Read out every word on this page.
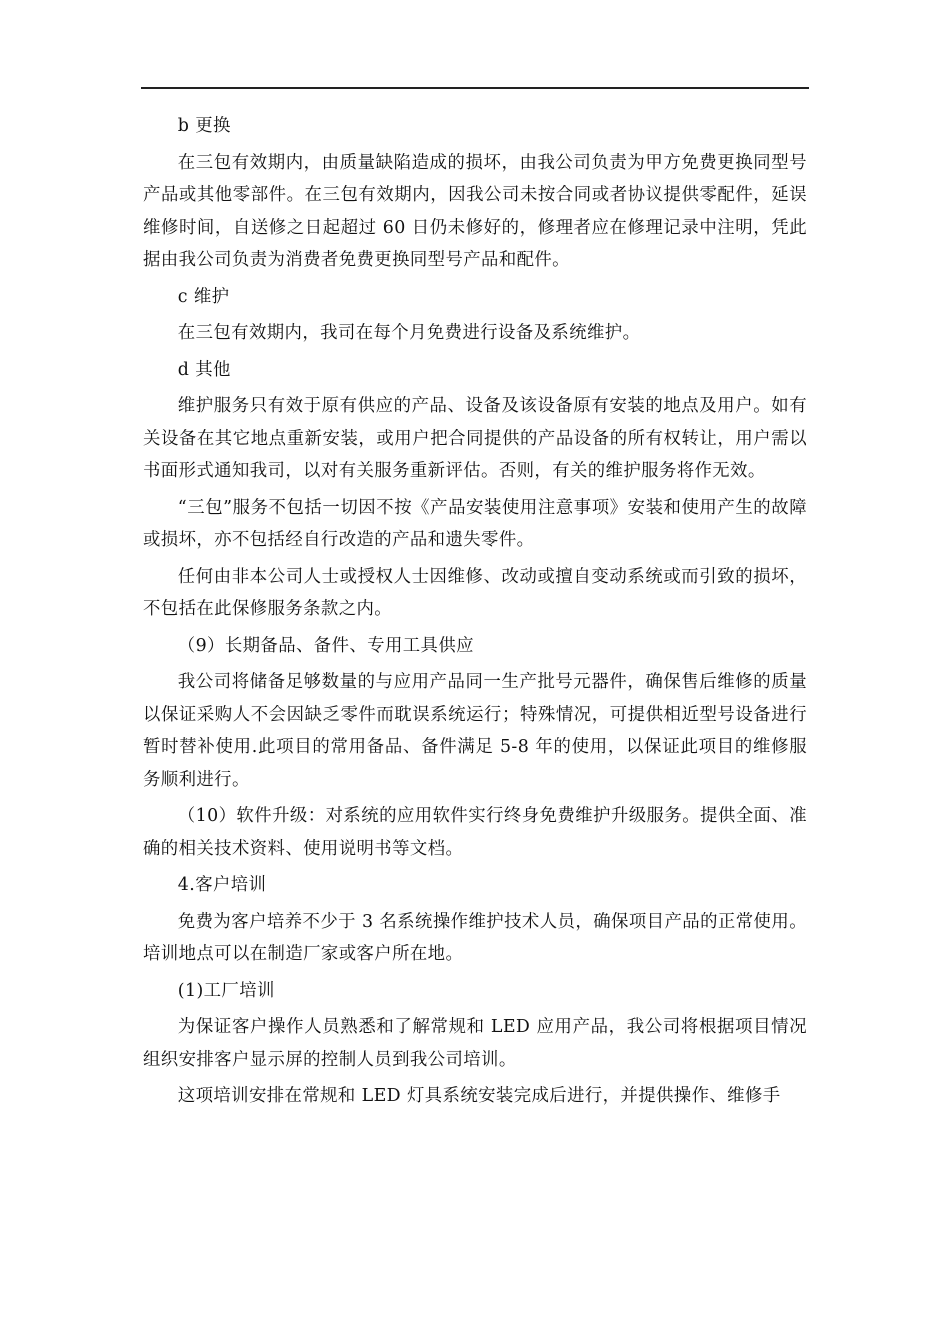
b 更换

在三包有效期内，由质量缺陷造成的损坏，由我公司负责为甲方免费更换同型号产品或其他零部件。在三包有效期内，因我公司未按合同或者协议提供零配件，延误维修时间，自送修之日起超过 60 日仍未修好的，修理者应在修理记录中注明，凭此据由我公司负责为消费者免费更换同型号产品和配件。

c 维护

在三包有效期内，我司在每个月免费进行设备及系统维护。

d 其他

维护服务只有效于原有供应的产品、设备及该设备原有安装的地点及用户。如有关设备在其它地点重新安装，或用户把合同提供的产品设备的所有权转让，用户需以书面形式通知我司，以对有关服务重新评估。否则，有关的维护服务将作无效。

“三包”服务不包括一切因不按《产品安装使用注意事项》安装和使用产生的故障或损坏，亦不包括经自行改造的产品和遗失零件。

任何由非本公司人士或授权人士因维修、改动或擅自变动系统或而引致的损坏，不包括在此保修服务条款之内。

（9）长期备品、备件、专用工具供应

我公司将储备足够数量的与应用产品同一生产批号元器件，确保售后维修的质量以保证采购人不会因缺乏零件而耽误系统运行；特殊情况，可提供相近型号设备进行暂时替补使用.此项目的常用备品、备件满足 5-8 年的使用，以保证此项目的维修服务顺利进行。

（10）软件升级：对系统的应用软件实行终身免费维护升级服务。提供全面、准确的相关技术资料、使用说明书等文档。

4.客户培训

免费为客户培养不少于 3 名系统操作维护技术人员，确保项目产品的正常使用。培训地点可以在制造厂家或客户所在地。

(1)工厂培训

为保证客户操作人员熟悉和了解常规和 LED 应用产品，我公司将根据项目情况组织安排客户显示屏的控制人员到我公司培训。

这项培训安排在常规和 LED 灯具系统安装完成后进行，并提供操作、维修手
